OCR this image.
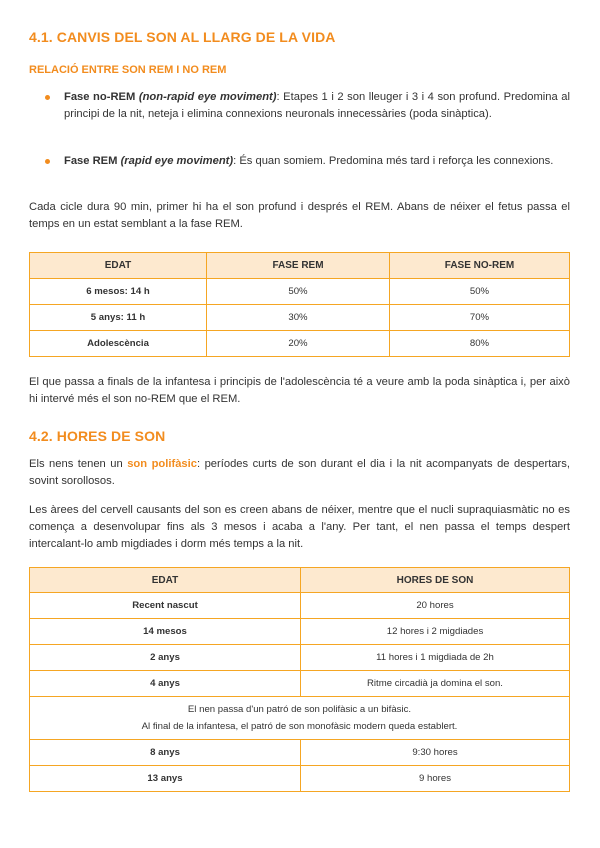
4.1. CANVIS DEL SON AL LLARG DE LA VIDA
RELACIÓ ENTRE SON REM I NO REM
Fase no-REM (non-rapid eye moviment): Etapes 1 i 2 son lleuger i 3 i 4 son profund. Predomina al principi de la nit, neteja i elimina connexions neuronals innecessàries (poda sinàptica).
Fase REM (rapid eye moviment): És quan somiem. Predomina més tard i reforça les connexions.
Cada cicle dura 90 min, primer hi ha el son profund i després el REM. Abans de néixer el fetus passa el temps en un estat semblant a la fase REM.
EDAT	FASE REM	FASE NO-REM
6 mesos: 14 h	50%	50%
5 anys: 11 h	30%	70%
Adolescència	20%	80%
El que passa a finals de la infantesa i principis de l'adolescència té a veure amb la poda sinàptica i, per això hi intervé més el son no-REM que el REM.
4.2. HORES DE SON
Els nens tenen un son polifàsic: períodes curts de son durant el dia i la nit acompanyats de despertars, sovint sorollosos.
Les àrees del cervell causants del son es creen abans de néixer, mentre que el nucli supraquiasmàtic no es comença a desenvolupar fins als 3 mesos i acaba a l'any. Per tant, el nen passa el temps despert intercalant-lo amb migdiades i dorm més temps a la nit.
EDAT	HORES DE SON
Recent nascut	20 hores
14 mesos	12 hores i 2 migdiades
2 anys	11 hores i 1 migdiada de 2h
4 anys	Ritme circadià ja domina el son.

El nen passa d'un patró de son polifàsic a un bifàsic.
Al final de la infantesa, el patró de son monofàsic modern queda establert.	

8 anys	9:30 hores
13 anys	9 hores
